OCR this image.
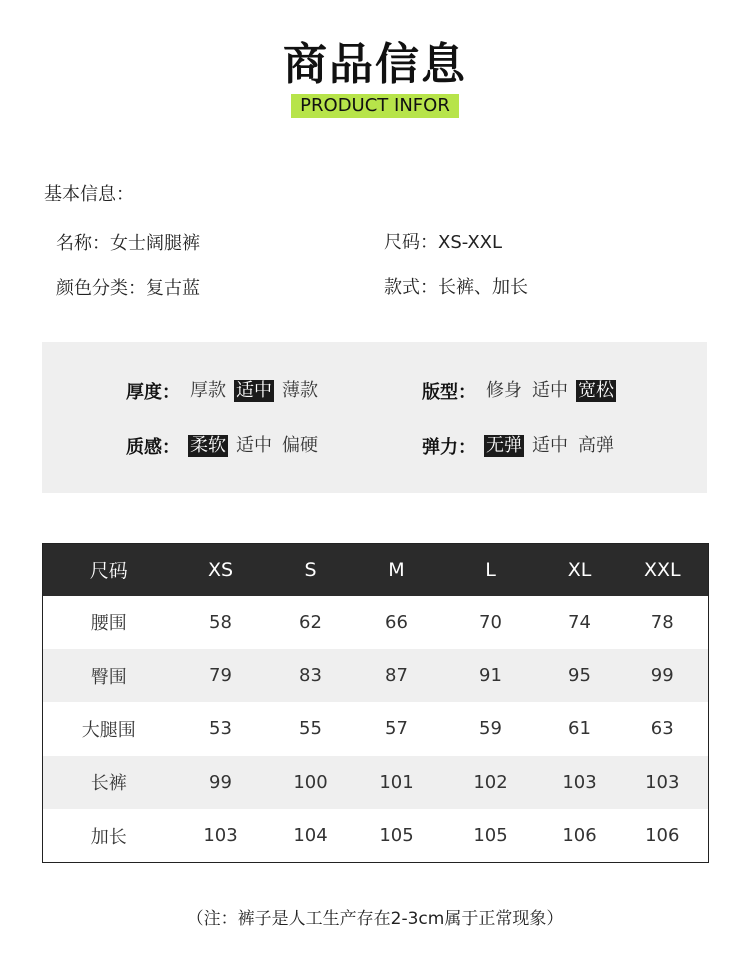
商品信息
PRODUCT INFOR
基本信息：
名称：女士阔腿裤	尺码：XS-XXL
颜色分类：复古蓝	款式：长裤、加长
厚度： 厚款 适中 薄款	版型： 修身 适中 宽松
质感： 柔软 适中 偏硬	弹力： 无弹 适中 高弹
尺码	XS	S	M	L	XL	XXL
腰围	58	62	66	70	74	78
臀围	79	83	87	91	95	99
大腿围	53	55	57	59	61	63
长裤	99	100	101	102	103	103
加长	103	104	105	105	106	106
（注：裤子是人工生产存在2-3cm属于正常现象）
